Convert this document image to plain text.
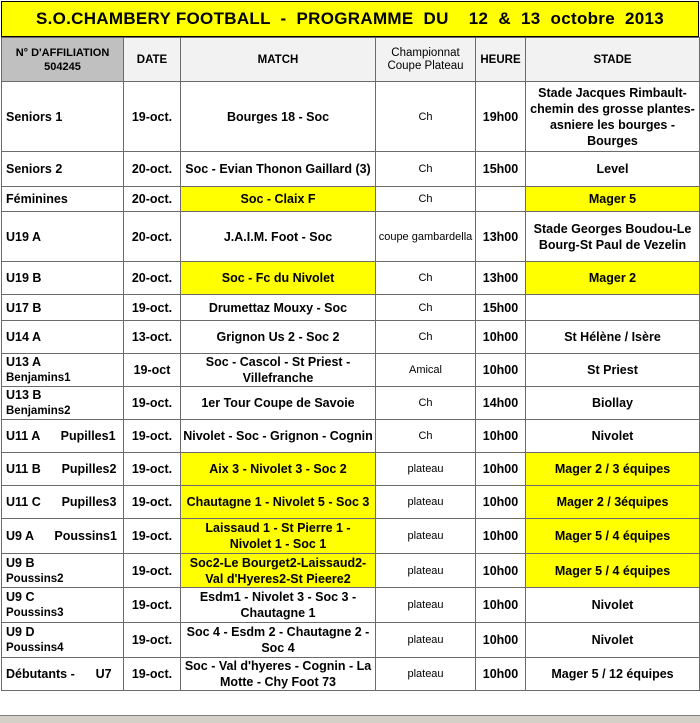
S.O.CHAMBERY FOOTBALL  -  PROGRAMME  DU    12  &  13  octobre  2013
N° D'AFFILIATION
504245	DATE	MATCH	Championnat Coupe Plateau	HEURE	STADE

Seniors 1	19-oct.	Bourges 18 - Soc	Ch	19h00	Stade Jacques Rimbault-chemin des grosse plantes-asniere les bourges - Bourges

Seniors 2	20-oct.	Soc - Evian Thonon Gaillard (3)	Ch	15h00	Level

Féminines	20-oct.	Soc - Claix F	Ch		Mager 5

U19 A	20-oct.	J.A.I.M. Foot - Soc	coupe gambardella	13h00	Stade Georges Boudou-Le Bourg-St Paul de Vezelin

U19 B	20-oct.	Soc - Fc du Nivolet	Ch	13h00	Mager 2

U17 B	19-oct.	Drumettaz Mouxy - Soc	Ch	15h00	

U14 A	13-oct.	Grignon Us 2 - Soc 2	Ch	10h00	St Hélène / Isère

U13 A
Benjamins1	19-oct	Soc - Cascol - St Priest - Villefranche	Amical	10h00	St Priest

U13 B
Benjamins2	19-oct.	1er Tour Coupe de Savoie	Ch	14h00	Biollay

U11 A      Pupilles1	19-oct.	Nivolet - Soc - Grignon - Cognin	Ch	10h00	Nivolet

U11 B      Pupilles2	19-oct.	Aix 3 - Nivolet 3 - Soc 2	plateau	10h00	Mager 2 / 3 équipes

U11 C      Pupilles3	19-oct.	Chautagne 1 - Nivolet 5 - Soc 3	plateau	10h00	Mager 2 / 3équipes

U9 A      Poussins1	19-oct.	Laissaud 1 - St Pierre 1 - Nivolet 1 - Soc 1	plateau	10h00	Mager 5 / 4 équipes

U9 B
Poussins2	19-oct.	Soc2-Le Bourget2-Laissaud2-Val d'Hyeres2-St Pieere2	plateau	10h00	Mager 5 / 4 équipes

U9 C
Poussins3	19-oct.	Esdm1 - Nivolet 3 - Soc 3 - Chautagne 1	plateau	10h00	Nivolet

U9 D
Poussins4	19-oct.	Soc 4 - Esdm 2 - Chautagne 2 - Soc 4	plateau	10h00	Nivolet

Débutants -      U7	19-oct.	Soc - Val d'hyeres - Cognin - La Motte - Chy Foot 73	plateau	10h00	Mager 5 / 12 équipes
